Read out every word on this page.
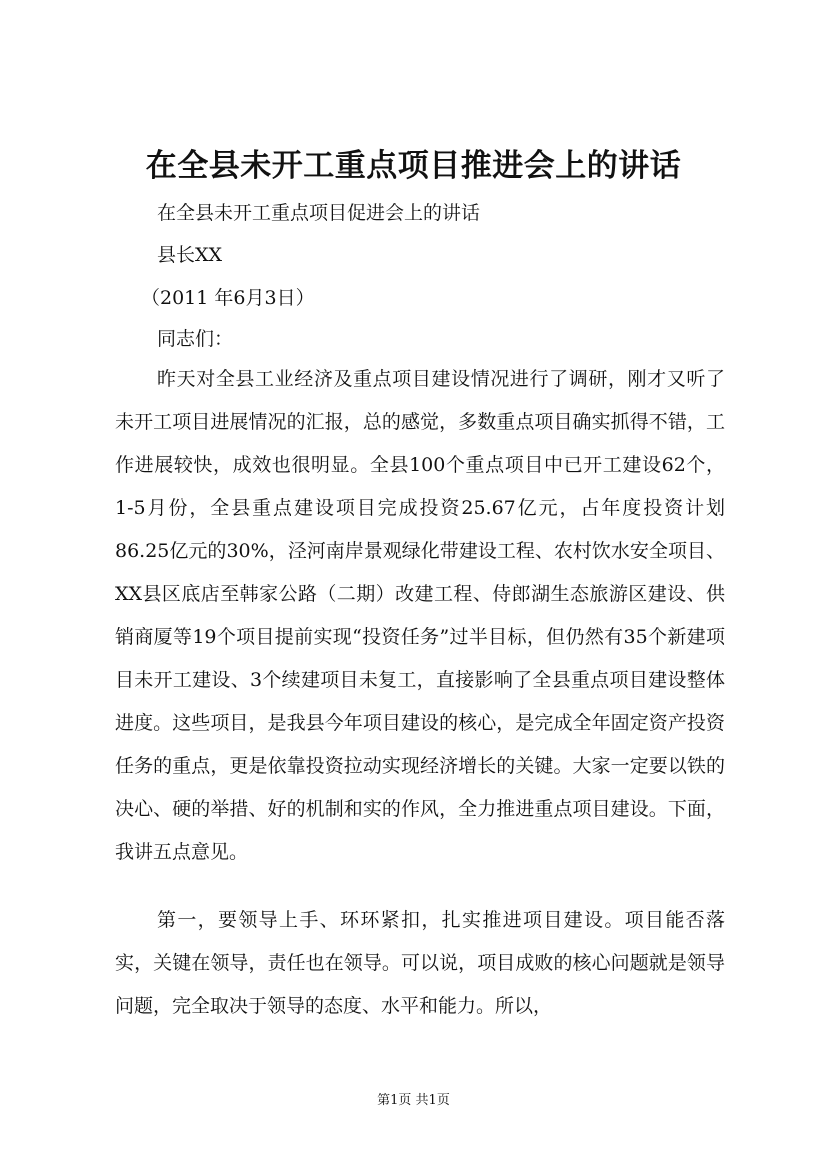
在全县未开工重点项目推进会上的讲话
在全县未开工重点项目促进会上的讲话
县长XX
（2011 年6月3日）
同志们：

昨天对全县工业经济及重点项目建设情况进行了调研，刚才又听了未开工项目进展情况的汇报，总的感觉，多数重点项目确实抓得不错，工作进展较快，成效也很明显。全县100个重点项目中已开工建设62个，1-5月份，全县重点建设项目完成投资25.67亿元，占年度投资计划86.25亿元的30%，泾河南岸景观绿化带建设工程、农村饮水安全项目、XX县区底店至韩家公路（二期）改建工程、侍郎湖生态旅游区建设、供销商厦等19个项目提前实现“投资任务”过半目标，但仍然有35个新建项目未开工建设、3个续建项目未复工，直接影响了全县重点项目建设整体进度。这些项目，是我县今年项目建设的核心，是完成全年固定资产投资任务的重点，更是依靠投资拉动实现经济增长的关键。大家一定要以铁的决心、硬的举措、好的机制和实的作风，全力推进重点项目建设。下面，我讲五点意见。

第一，要领导上手、环环紧扣，扎实推进项目建设。项目能否落实，关键在领导，责任也在领导。可以说，项目成败的核心问题就是领导问题，完全取决于领导的态度、水平和能力。所以，

第1页 共1页
